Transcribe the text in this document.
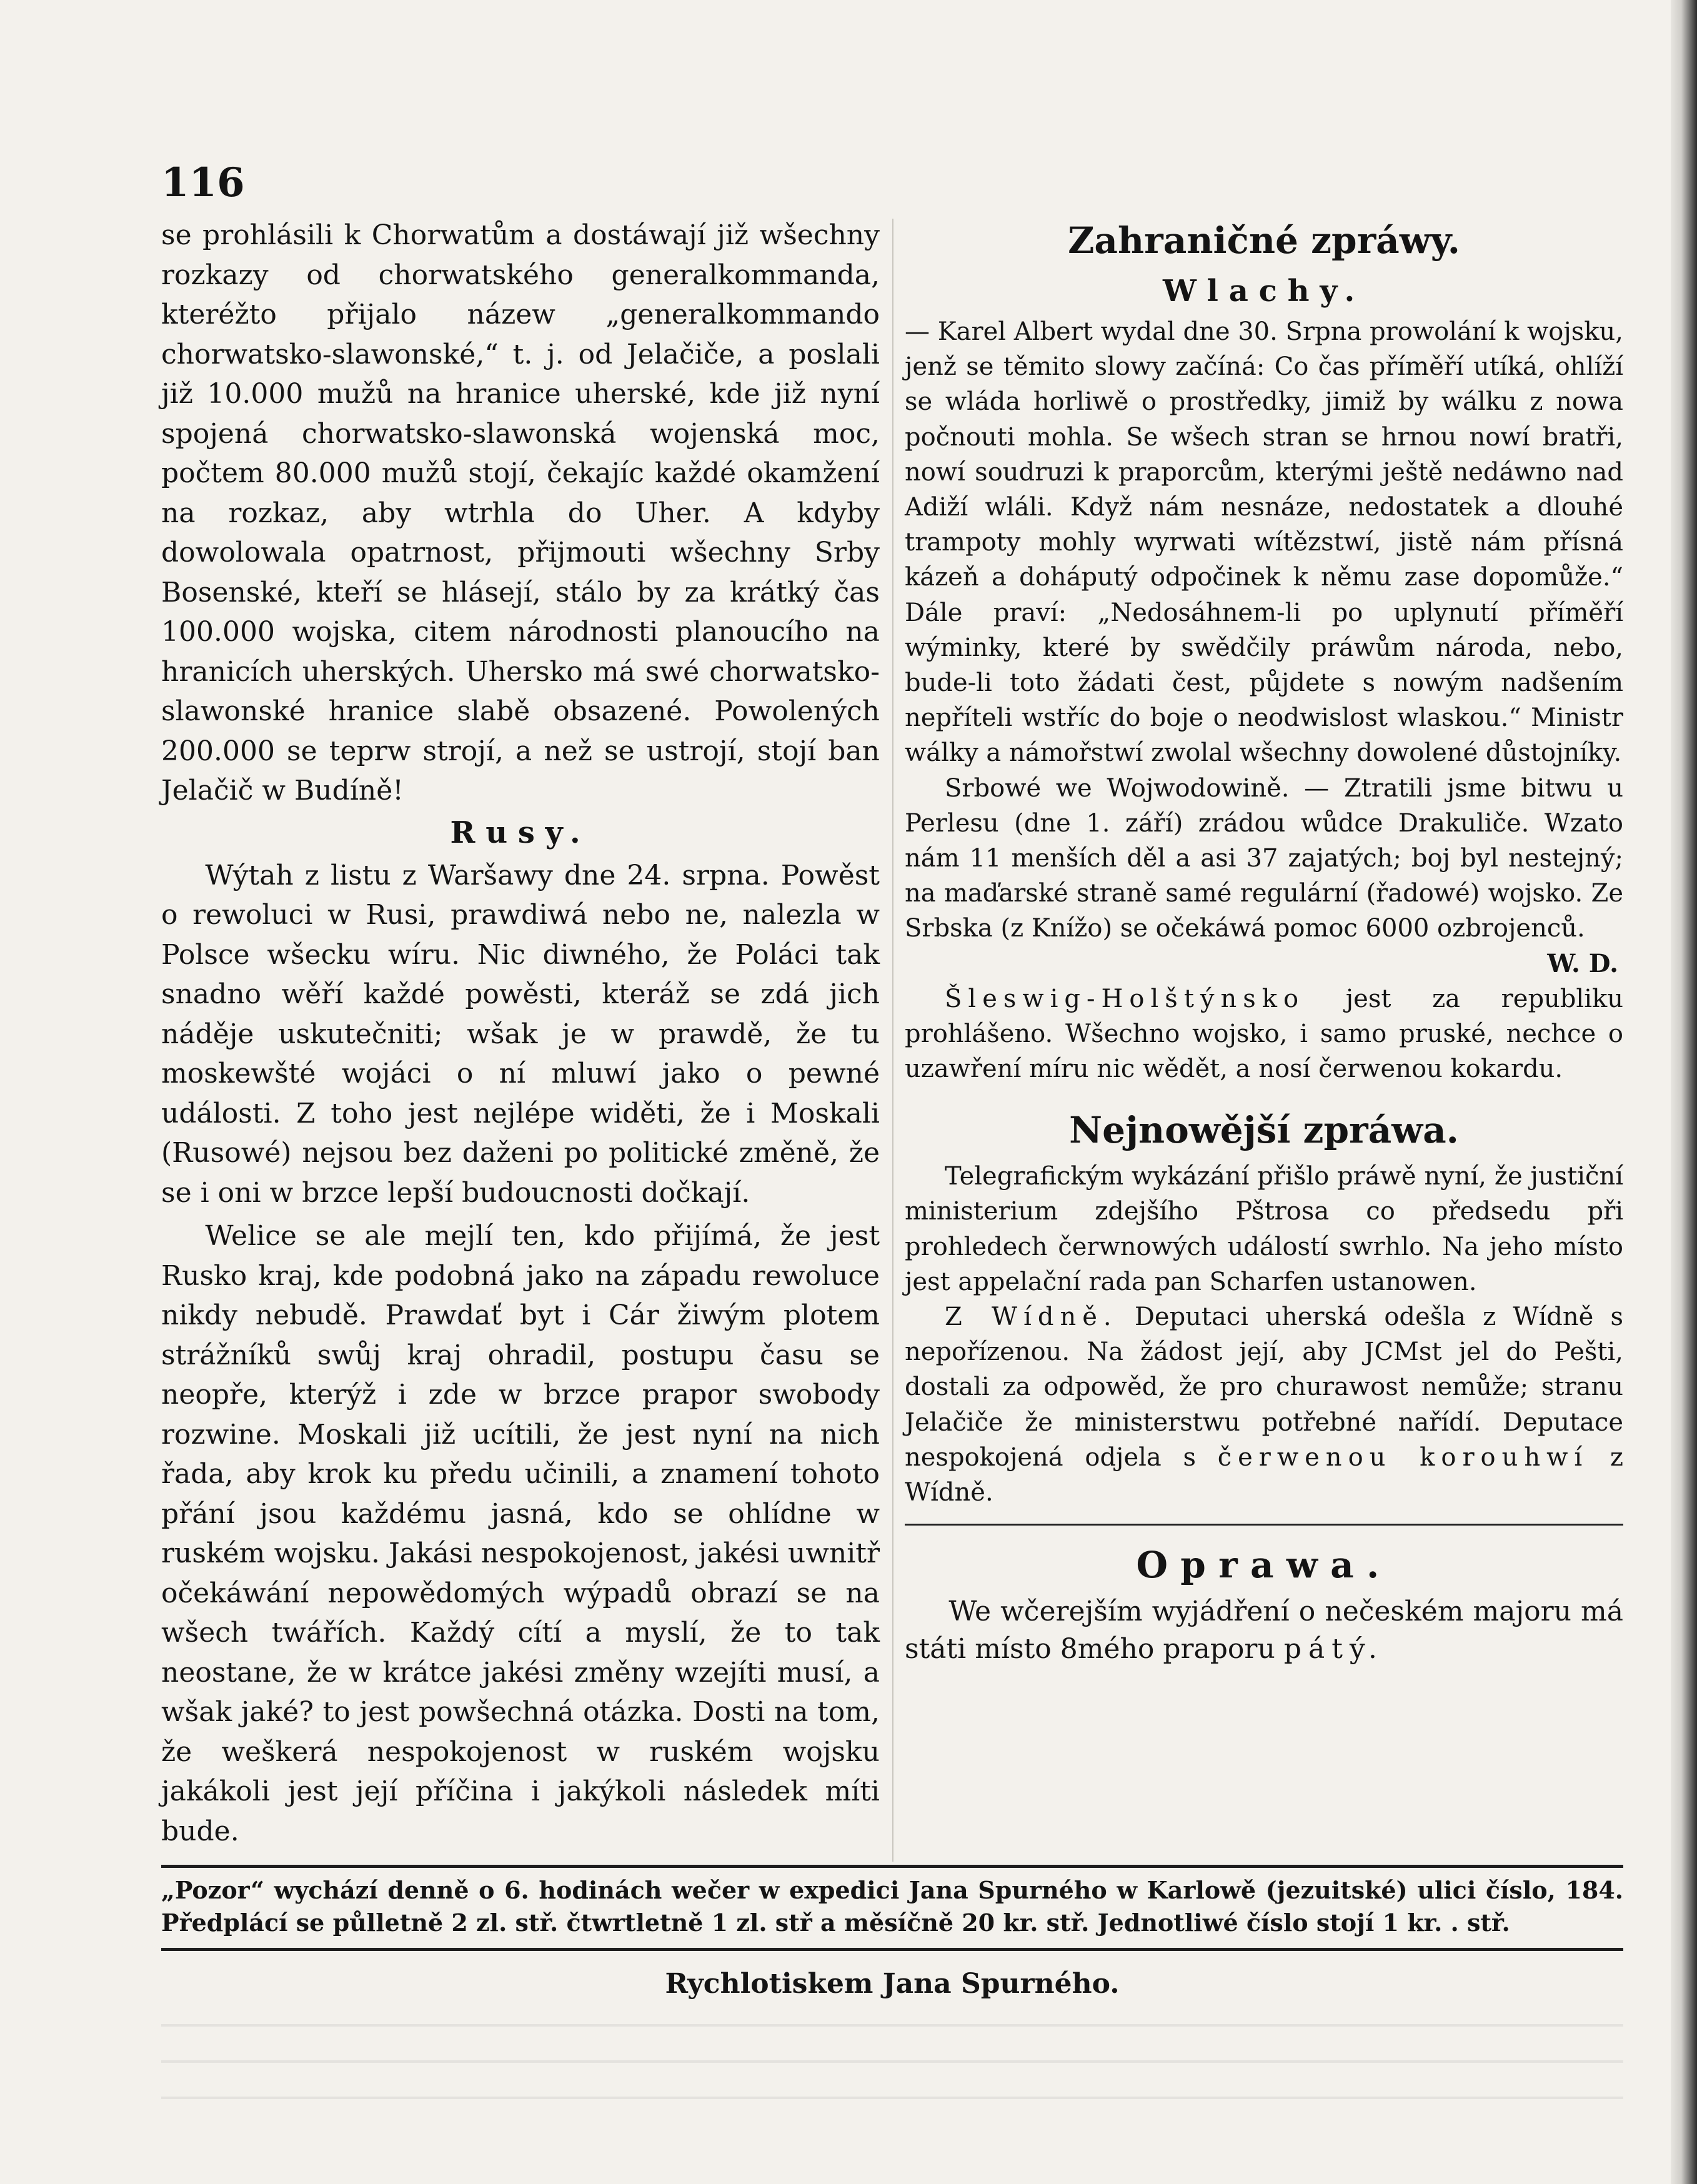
116

se prohlásili k Chorwatům a dostáwají již wšechny rozkazy od chorwatského generalkommanda, kteréžto přijalo názew „generalkommando chorwatsko-slawonské,“ t. j. od Jelačiče, a poslali již 10.000 mužů na hranice uherské, kde již nyní spojená chorwatsko-slawonská wojenská moc, počtem 80.000 mužů stojí, čekajíc každé okamžení na rozkaz, aby wtrhla do Uher. A kdyby dowolowala opatrnost, přijmouti wšechny Srby Bosenské, kteří se hlásejí, stálo by za krátký čas 100.000 wojska, citem národnosti planoucího na hranicích uherských. Uhersko má swé chorwatsko-slawonské hranice slabě obsazené. Powolených 200.000 se teprw strojí, a než se ustrojí, stojí ban Jelačič w Budíně!

Rusy.

Wýtah z listu z Waršawy dne 24. srpna. Powěst o rewoluci w Rusi, prawdiwá nebo ne, nalezla w Polsce wšecku wíru. Nic diwného, že Poláci tak snadno wěří každé powěsti, kteráž se zdá jich náděje uskutečniti; wšak je w prawdě, že tu moskewšté wojáci o ní mluwí jako o pewné události. Z toho jest nejlépe widěti, že i Moskali (Rusowé) nejsou bez daženi po politické změně, že se i oni w brzce lepší budoucnosti dočkají.

Welice se ale mejlí ten, kdo přijímá, že jest Rusko kraj, kde podobná jako na západu rewoluce nikdy nebudě. Prawdať byt i Cár žiwým plotem strážníků swůj kraj ohradil, postupu času se neopře, kterýž i zde w brzce prapor swobody rozwine. Moskali již ucítili, že jest nyní na nich řada, aby krok ku předu učinili, a znamení tohoto přání jsou každému jasná, kdo se ohlídne w ruském wojsku. Jakási nespokojenost, jakési uwnitř očekáwání nepowědomých wýpadů obrazí se na wšech twářích. Každý cítí a myslí, že to tak neostane, že w krátce jakési změny wzejíti musí, a wšak jaké? to jest powšechná otázka. Dosti na tom, že weškerá nespokojenost w ruském wojsku jakákoli jest její příčina i jakýkoli následek míti bude.

Zahraničné zpráwy.
Wlachy.

— Karel Albert wydal dne 30. Srpna prowolání k wojsku, jenž se těmito slowy začíná: Co čas příměří utíká, ohlíží se wláda horliwě o prostředky, jimiž by wálku z nowa počnouti mohla. Se wšech stran se hrnou nowí bratři, nowí soudruzi k praporcům, kterými ještě nedáwno nad Adiží wláli. Když nám nesnáze, nedostatek a dlouhé trampoty mohly wyrwati wítězstwí, jistě nám přísná kázeň a doháputý odpočinek k němu zase dopomůže.“ Dále praví: „Nedosáhnem-li po uplynutí příměří wýminky, které by swědčily práwům národa, nebo, bude-li toto žádati čest, půjdete s nowým nadšením nepříteli wstříc do boje o neodwislost wlaskou.“ Ministr wálky a námořstwí zwolal wšechny dowolené důstojníky.

Srbowé we Wojwodowině. — Ztratili jsme bitwu u Perlesu (dne 1. září) zrádou wůdce Drakuliče. Wzato nám 11 menších děl a asi 37 zajatých; boj byl nestejný; na maďarské straně samé regulární (řadowé) wojsko. Ze Srbska (z Knížo) se očekáwá pomoc 6000 ozbrojenců.

W. D.

Šleswig-Holštýnsko jest za republiku prohlášeno. Wšechno wojsko, i samo pruské, nechce o uzawření míru nic wědět, a nosí čerwenou kokardu.

Nejnowější zpráwa.

Telegrafickým wykázání přišlo práwě nyní, že justiční ministerium zdejšího Pštrosa co předsedu při prohledech čerwnowých událostí swrhlo. Na jeho místo jest appelační rada pan Scharfen ustanowen.

Z Wídně. Deputaci uherská odešla z Wídně s nepořízenou. Na žádost její, aby JCMst jel do Pešti, dostali za odpowěd, že pro churawost nemůže; stranu Jelačiče že ministerstwu potřebné nařídí. Deputace nespokojená odjela s čerwenou korouhwí z Wídně.

Oprawa.

We wčerejším wyjádření o nečeském majoru má státi místo 8mého praporu pátý.

„Pozor“ wychází denně o 6. hodinách wečer w expedici Jana Spurného w Karlowě (jezuitské) ulici číslo, 184. Předplácí se půlletně 2 zl. stř. čtwrtletně 1 zl. stř a měsíčně 20 kr. stř. Jednotliwé číslo stojí 1 kr. . stř.
Rychlotiskem Jana Spurného.
